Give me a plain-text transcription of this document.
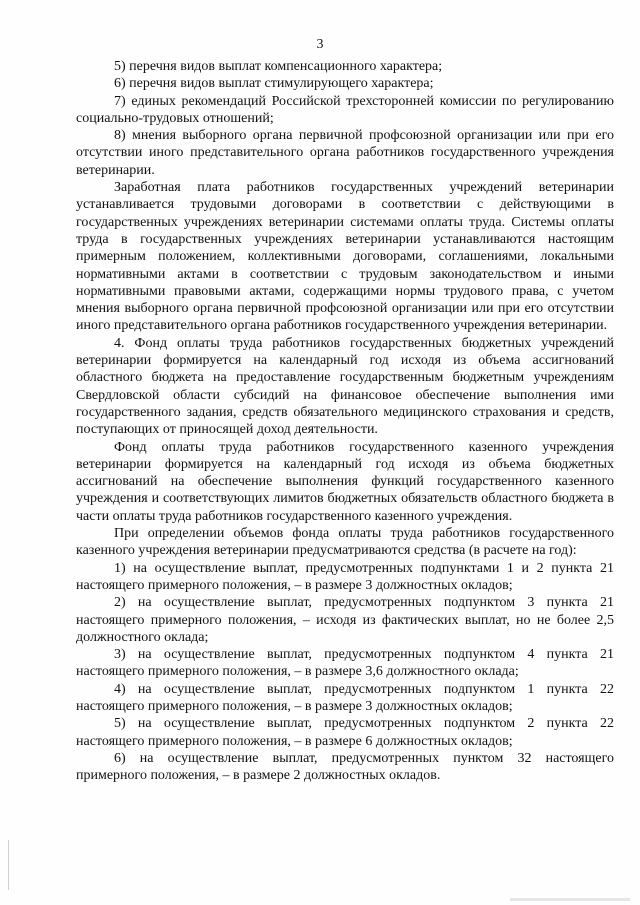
3

5) перечня видов выплат компенсационного характера;

6) перечня видов выплат стимулирующего характера;

7) единых рекомендаций Российской трехсторонней комиссии по регулированию социально-трудовых отношений;

8) мнения выборного органа первичной профсоюзной организации или при его отсутствии иного представительного органа работников государственного учреждения ветеринарии.

Заработная плата работников государственных учреждений ветеринарии устанавливается трудовыми договорами в соответствии с действующими в государственных учреждениях ветеринарии системами оплаты труда. Системы оплаты труда в государственных учреждениях ветеринарии устанавливаются настоящим примерным положением, коллективными договорами, соглашениями, локальными нормативными актами в соответствии с трудовым законодательством и иными нормативными правовыми актами, содержащими нормы трудового права, с учетом мнения выборного органа первичной профсоюзной организации или при его отсутствии иного представительного органа работников государственного учреждения ветеринарии.

4. Фонд оплаты труда работников государственных бюджетных учреждений ветеринарии формируется на календарный год исходя из объема ассигнований областного бюджета на предоставление государственным бюджетным учреждениям Свердловской области субсидий на финансовое обеспечение выполнения ими государственного задания, средств обязательного медицинского страхования и средств, поступающих от приносящей доход деятельности.

Фонд оплаты труда работников государственного казенного учреждения ветеринарии формируется на календарный год исходя из объема бюджетных ассигнований на обеспечение выполнения функций государственного казенного учреждения и соответствующих лимитов бюджетных обязательств областного бюджета в части оплаты труда работников государственного казенного учреждения.

При определении объемов фонда оплаты труда работников государственного казенного учреждения ветеринарии предусматриваются средства (в расчете на год):

1) на осуществление выплат, предусмотренных подпунктами 1 и 2 пункта 21 настоящего примерного положения, – в размере 3 должностных окладов;

2) на осуществление выплат, предусмотренных подпунктом 3 пункта 21 настоящего примерного положения, – исходя из фактических выплат, но не более 2,5 должностного оклада;

3) на осуществление выплат, предусмотренных подпунктом 4 пункта 21 настоящего примерного положения, – в размере 3,6 должностного оклада;

4) на осуществление выплат, предусмотренных подпунктом 1 пункта 22 настоящего примерного положения, – в размере 3 должностных окладов;

5) на осуществление выплат, предусмотренных подпунктом 2 пункта 22 настоящего примерного положения, – в размере 6 должностных окладов;

6) на осуществление выплат, предусмотренных пунктом 32 настоящего примерного положения, – в размере 2 должностных окладов.
